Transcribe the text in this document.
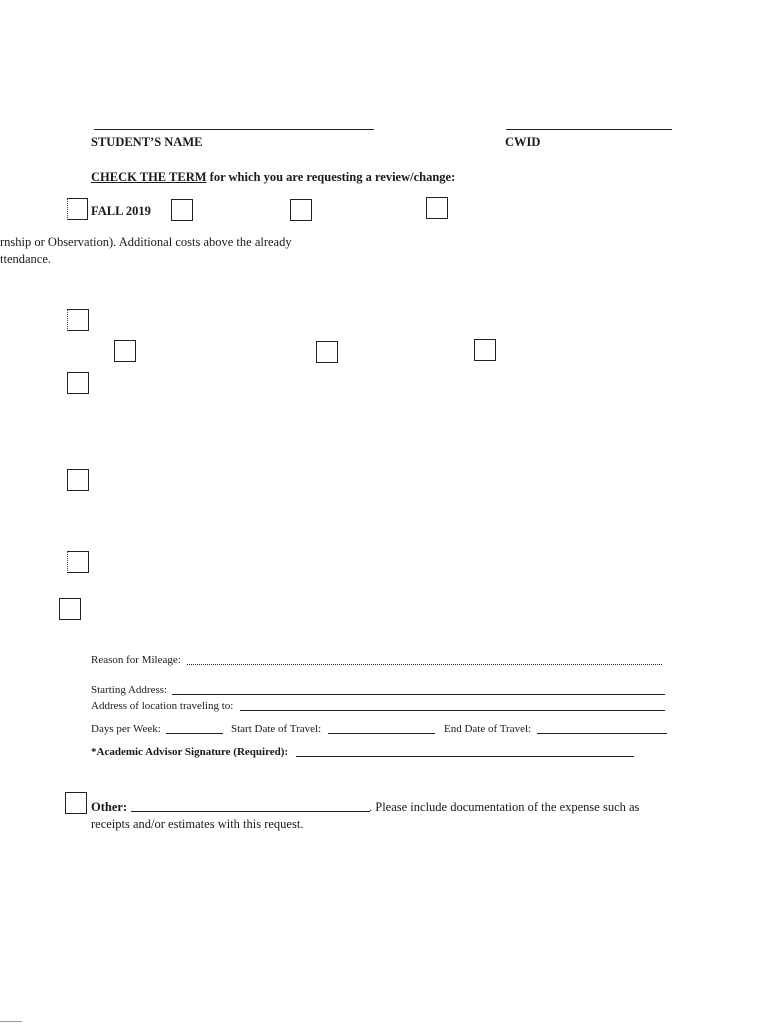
STUDENT’S NAME	CWID
CHECK THE TERM for which you are requesting a review/change:
FALL 2019
rnship or Observation). Additional costs above the already
ttendance.
Reason for Mileage:
Starting Address:
Address of location traveling to:
Days per Week:	Start Date of Travel:	End Date of Travel:
*Academic Advisor Signature (Required):
Other:	. Please include documentation of the expense such as
receipts and/or estimates with this request.
